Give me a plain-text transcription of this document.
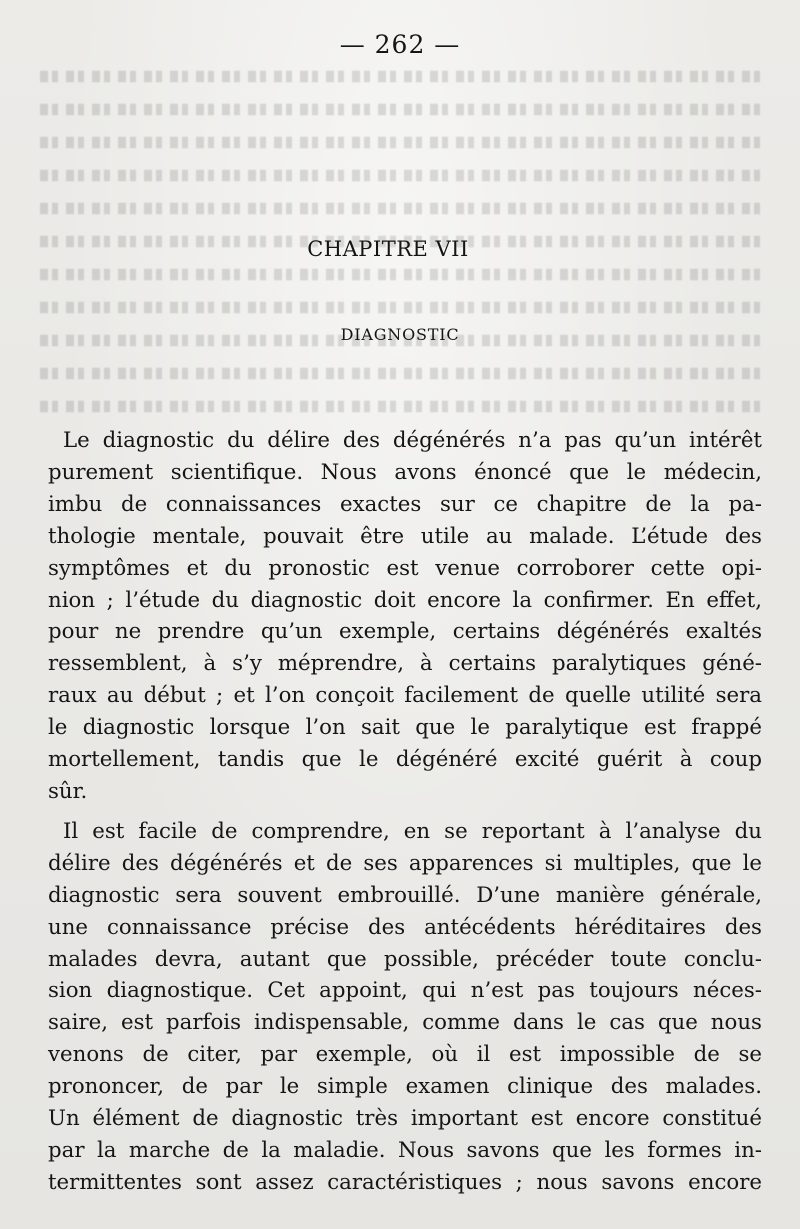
— 262 —
CHAPITRE VII
DIAGNOSTIC
Le diagnostic du délire des dégénérés n’a pas qu’un intérêt
purement scientifique. Nous avons énoncé que le médecin,
imbu de connaissances exactes sur ce chapitre de la pa-
thologie mentale, pouvait être utile au malade. L’étude des
symptômes et du pronostic est venue corroborer cette opi-
nion ; l’étude du diagnostic doit encore la confirmer. En effet,
pour ne prendre qu’un exemple, certains dégénérés exaltés
ressemblent, à s’y méprendre, à certains paralytiques géné-
raux au début ; et l’on conçoit facilement de quelle utilité sera
le diagnostic lorsque l’on sait que le paralytique est frappé
mortellement, tandis que le dégénéré excité guérit à coup
sûr.
Il est facile de comprendre, en se reportant à l’analyse du
délire des dégénérés et de ses apparences si multiples, que le
diagnostic sera souvent embrouillé. D’une manière générale,
une connaissance précise des antécédents héréditaires des
malades devra, autant que possible, précéder toute conclu-
sion diagnostique. Cet appoint, qui n’est pas toujours néces-
saire, est parfois indispensable, comme dans le cas que nous
venons de citer, par exemple, où il est impossible de se
prononcer, de par le simple examen clinique des malades.
Un élément de diagnostic très important est encore constitué
par la marche de la maladie. Nous savons que les formes in-
termittentes sont assez caractéristiques ; nous savons encore
